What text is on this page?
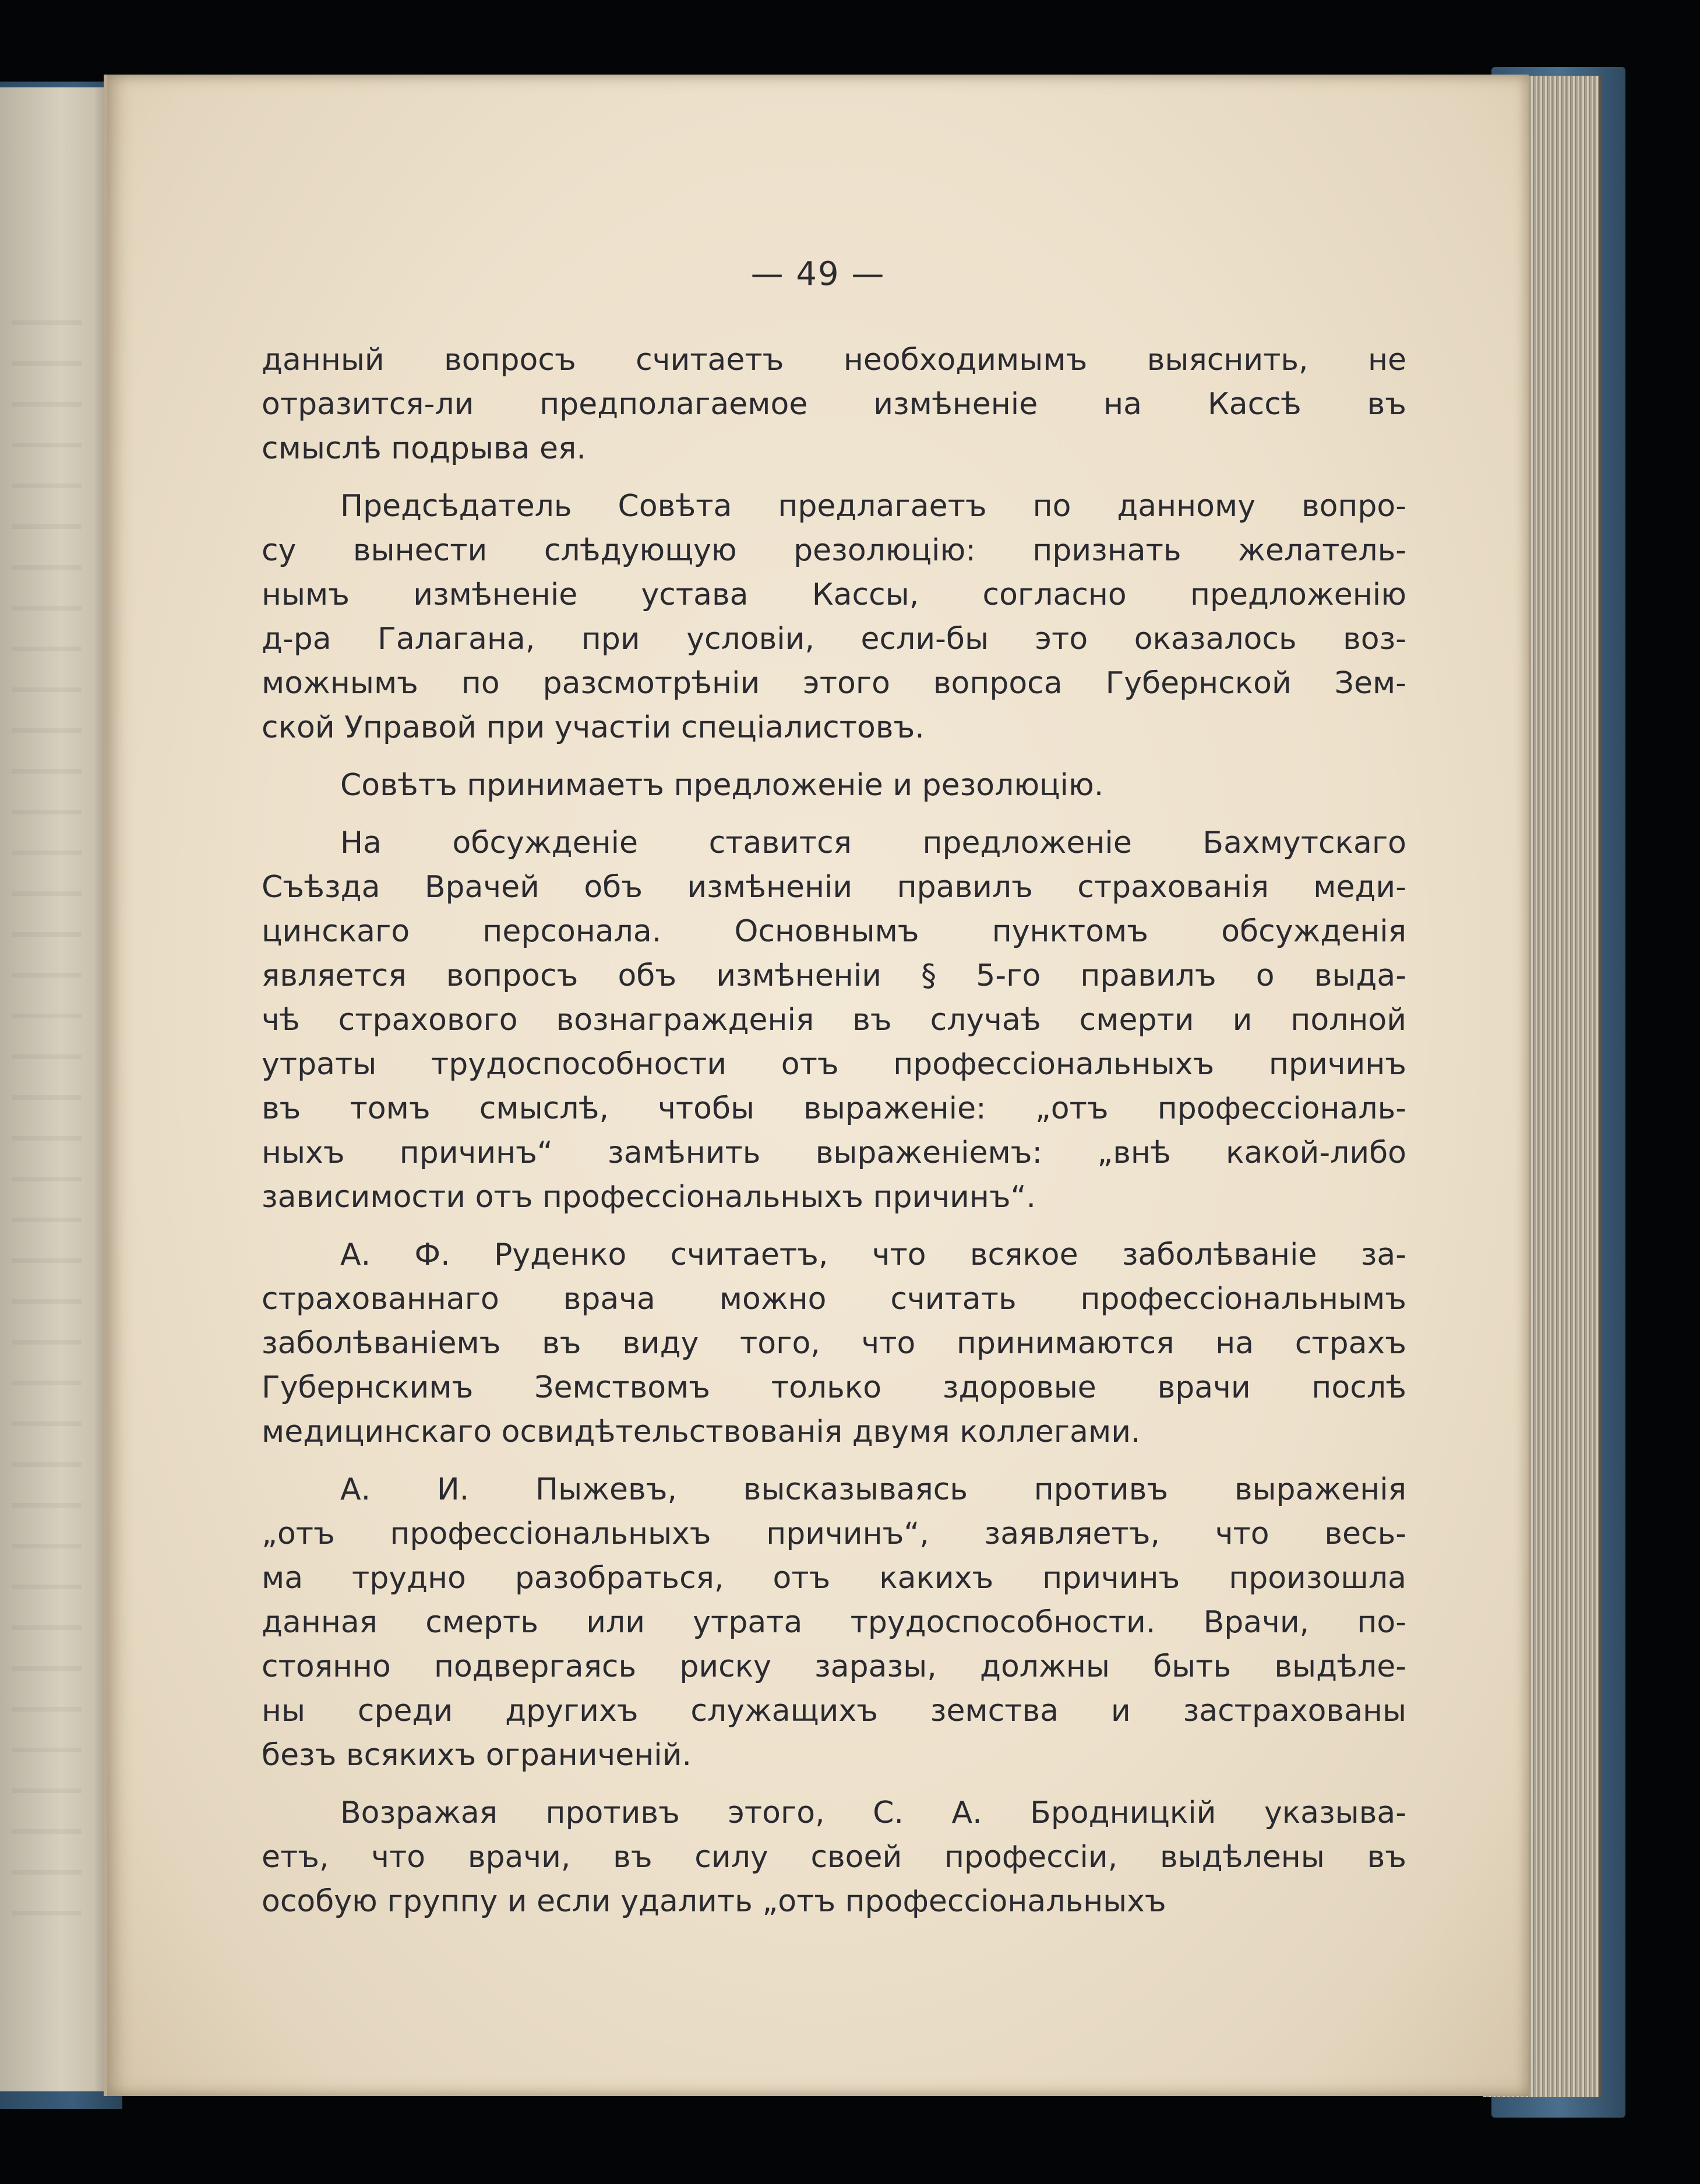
— 49 —
данный вопросъ считаетъ необходимымъ выяснить, не
отразится-ли предполагаемое измѣненіе на Кассѣ въ
смыслѣ подрыва ея.
Предсѣдатель Совѣта предлагаетъ по данному вопро-
су вынести слѣдующую резолюцію: признать желатель-
нымъ измѣненіе устава Кассы, согласно предложенію
д-ра Галагана, при условіи, если-бы это оказалось воз-
можнымъ по разсмотрѣніи этого вопроса Губернской Зем-
ской Управой при участіи спеціалистовъ.
Совѣтъ принимаетъ предложеніе и резолюцію.
На обсужденіе ставится предложеніе Бахмутскаго
Съѣзда Врачей объ измѣненіи правилъ страхованія меди-
цинскаго персонала. Основнымъ пунктомъ обсужденія
является вопросъ объ измѣненіи § 5-го правилъ о выда-
чѣ страхового вознагражденія въ случаѣ смерти и полной
утраты трудоспособности отъ профессіональныхъ причинъ
въ томъ смыслѣ, чтобы выраженіе: „отъ профессіональ-
ныхъ причинъ“ замѣнить выраженіемъ: „внѣ какой-либо
зависимости отъ профессіональныхъ причинъ“.
А. Ф. Руденко считаетъ, что всякое заболѣваніе за-
страхованнаго врача можно считать профессіональнымъ
заболѣваніемъ въ виду того, что принимаются на страхъ
Губернскимъ Земствомъ только здоровые врачи послѣ
медицинскаго освидѣтельствованія двумя коллегами.
А. И. Пыжевъ, высказываясь противъ выраженія
„отъ профессіональныхъ причинъ“, заявляетъ, что весь-
ма трудно разобраться, отъ какихъ причинъ произошла
данная смерть или утрата трудоспособности. Врачи, по-
стоянно подвергаясь риску заразы, должны быть выдѣле-
ны среди другихъ служащихъ земства и застрахованы
безъ всякихъ ограниченій.
Возражая противъ этого, С. А. Бродницкій указыва-
етъ, что врачи, въ силу своей профессіи, выдѣлены въ
особую группу и если удалить „отъ профессіональныхъ
